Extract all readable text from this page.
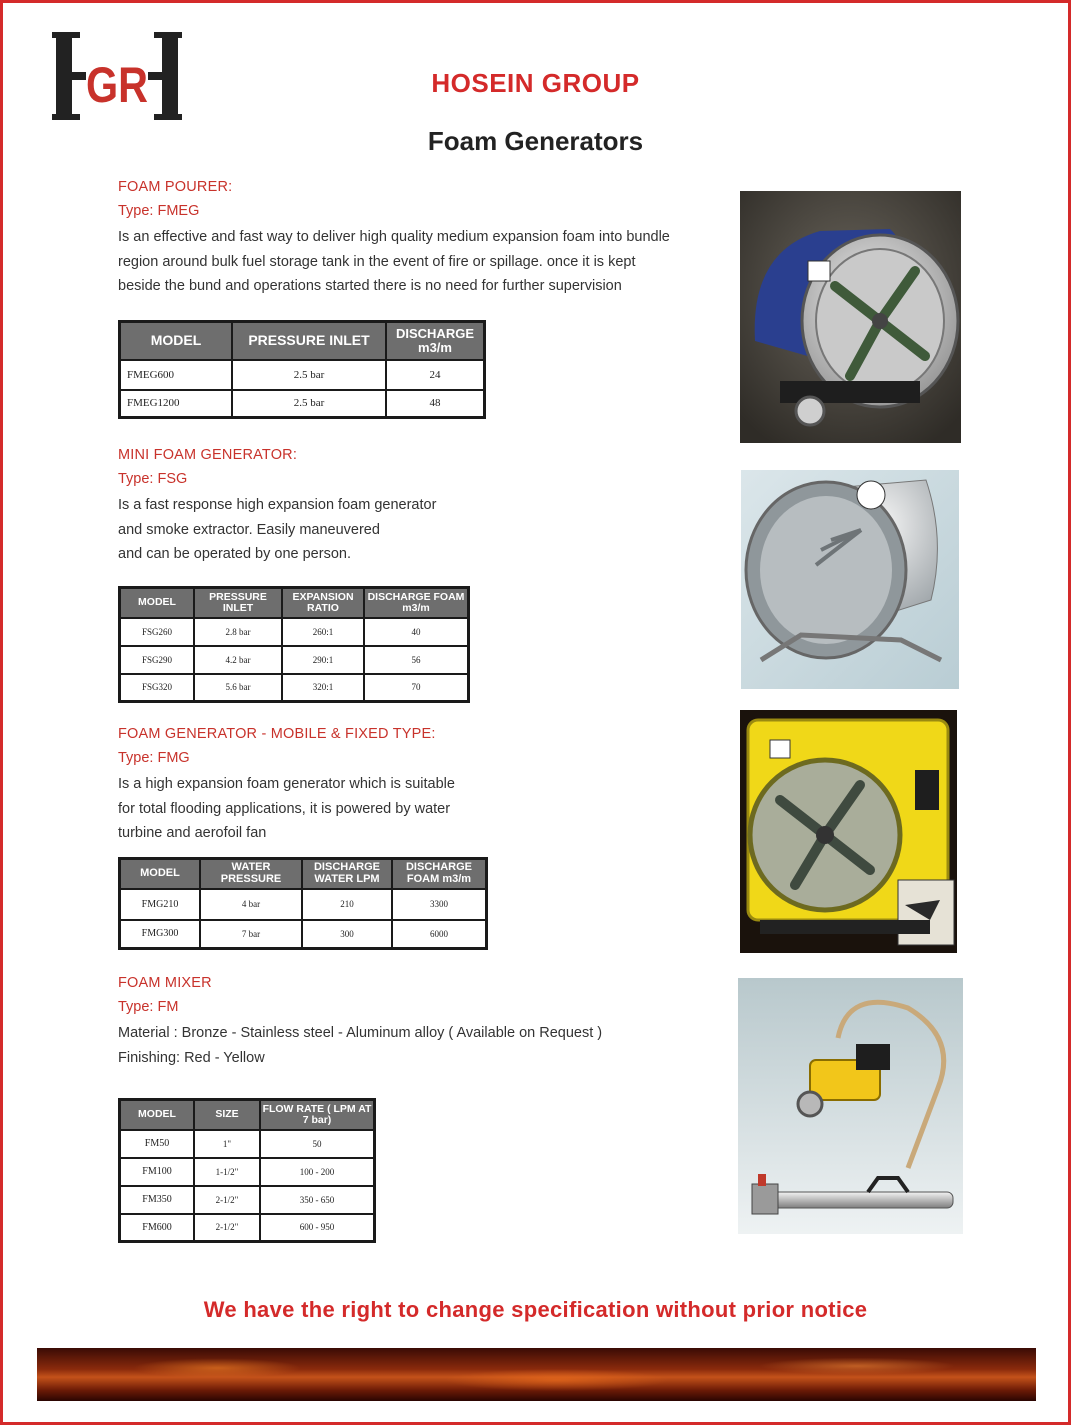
GR	HOSEIN GROUP
Foam Generators

FOAM POURER:

Type: FMEG

Is an effective and fast way to deliver high quality medium expansion foam into bundle
region around bulk fuel storage tank in the event of fire or spillage. once it is kept
beside the bund and operations started there is no need for further supervision

MODEL	PRESSURE INLET	DISCHARGE m3/m
FMEG600	2.5 bar	24
FMEG1200	2.5 bar	48

MINI FOAM GENERATOR:

Type: FSG

Is a fast response high expansion foam generator
and smoke extractor. Easily maneuvered
and can be operated by one person.

MODEL	PRESSURE INLET	EXPANSION RATIO	DISCHARGE FOAM m3/m
FSG260	2.8 bar	260:1	40
FSG290	4.2 bar	290:1	56
FSG320	5.6 bar	320:1	70

FOAM GENERATOR - MOBILE & FIXED TYPE:

Type: FMG

Is a high expansion foam generator which is suitable
for total flooding applications, it is powered by water
turbine and aerofoil fan

MODEL	WATER PRESSURE	DISCHARGE WATER LPM	DISCHARGE FOAM m3/m
FMG210	4 bar	210	3300
FMG300	7 bar	300	6000

FOAM MIXER

Type: FM

Material : Bronze - Stainless steel - Aluminum alloy ( Available on Request )
Finishing: Red - Yellow

MODEL	SIZE	FLOW RATE ( LPM AT 7 bar)
FM50	1"	50
FM100	1-1/2"	100 - 200
FM350	2-1/2"	350 - 650
FM600	2-1/2"	600 - 950
We have the right to change specification without prior notice
